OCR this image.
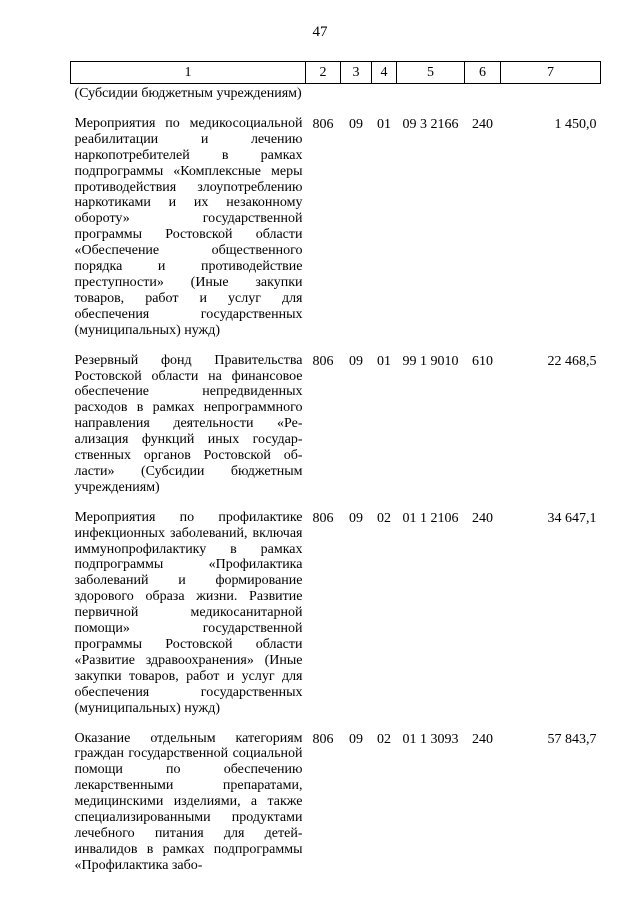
47
1	2	3	4	5	6	7
(Субсидии бюджетным учреждениям)						
Мероприятия по медикосоциальной реабилитации и лечению наркопотребителей в рамках подпрограммы «Комплексные меры противодействия злоупотреблению наркотиками и их незаконному обороту» государственной программы Ростовской области «Обеспечение общественного порядка и противодействие преступности» (Иные закупки товаров, работ и услуг для обеспечения государственных (муниципальных) нужд)	806	09	01	09 3 2166	240	1 450,0
Резервный фонд Правительства Ростовской области на финансовое обеспечение непредвиденных расходов в рамках непрограммного направления деятельности «Реализация функций иных государственных органов Ростовской области» (Субсидии бюджетным учреждениям)	806	09	01	99 1 9010	610	22 468,5
Мероприятия по профилактике инфекционных заболеваний, включая иммунопрофилактику в рамках подпрограммы «Профилактика заболеваний и формирование здорового образа жизни. Развитие первичной медикосанитарной помощи» государственной программы Ростовской области «Развитие здравоохранения» (Иные закупки товаров, работ и услуг для обеспечения государственных (муниципальных) нужд)	806	09	02	01 1 2106	240	34 647,1
Оказание отдельным категориям граждан государственной социальной помощи по обеспечению лекарственными препаратами, медицинскими изделиями, а также специализированными продуктами лечебного питания для детей-инвалидов в рамках подпрограммы «Профилактика забо-	806	09	02	01 1 3093	240	57 843,7
